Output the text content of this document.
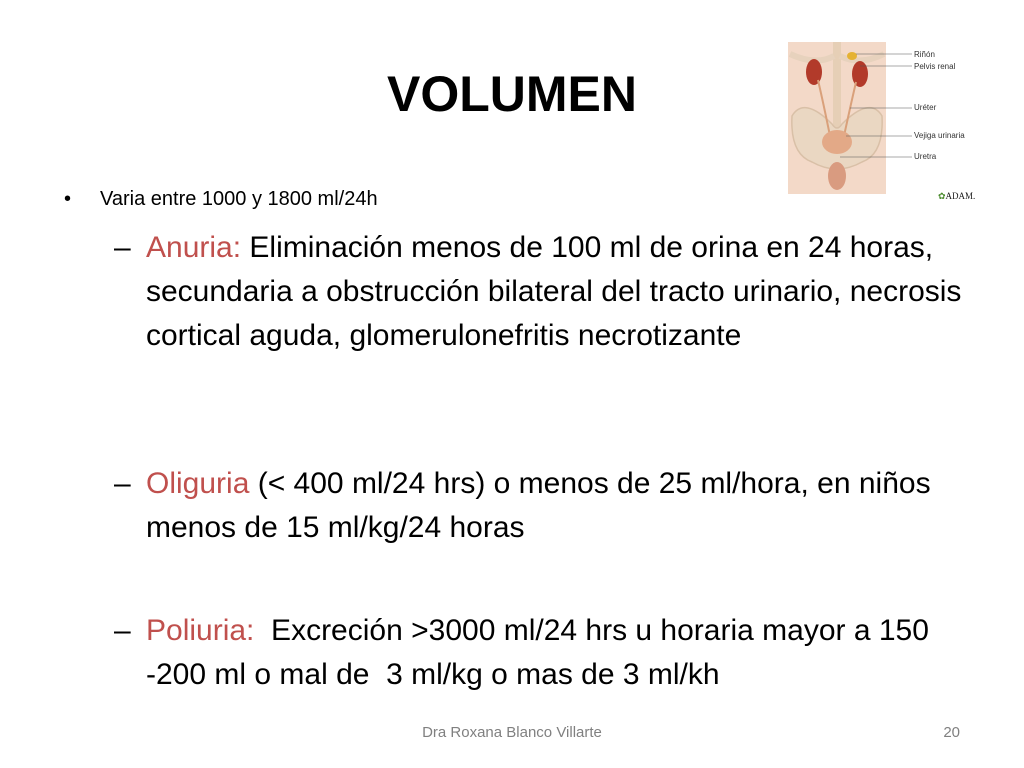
VOLUMEN
Riñón
Pelvis renal
Uréter
Vejiga urinaria
Uretra
✿ADAM.
• Varia entre 1000 y 1800 ml/24h
– Anuria: Eliminación menos de 100 ml de orina en 24 horas, secundaria a obstrucción bilateral del tracto urinario, necrosis cortical aguda, glomerulonefritis necrotizante
– Oliguria (< 400 ml/24 hrs) o menos de 25 ml/hora, en niños menos de 15 ml/kg/24 horas
– Poliuria:  Excreción >3000 ml/24 hrs u horaria mayor a 150 -200 ml o mal de  3 ml/kg o mas de 3 ml/kh
Dra Roxana Blanco Villarte	20
